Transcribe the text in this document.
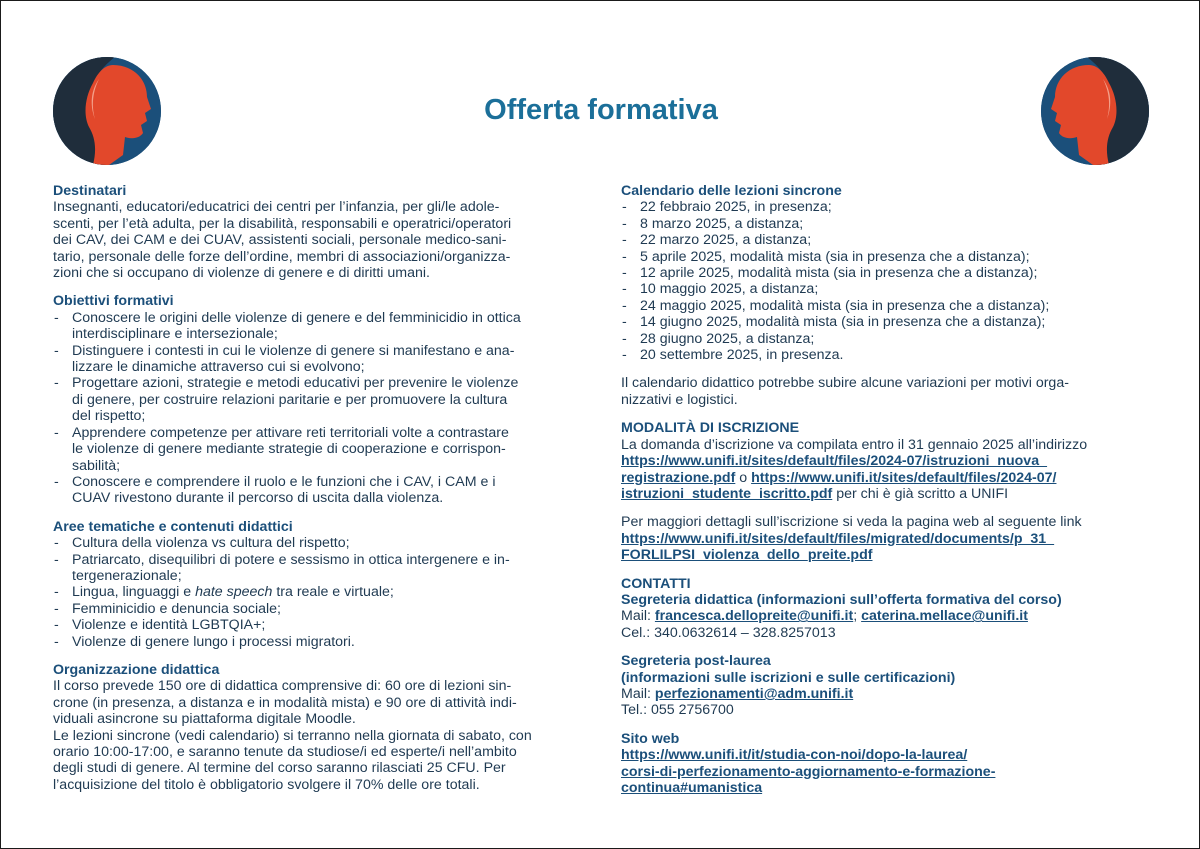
Offerta formativa
Destinatari

Insegnanti, educatori/educatrici dei centri per l’infanzia, per gli/le adole-
scenti, per l’età adulta, per la disabilità, responsabili e operatrici/operatori
dei CAV, dei CAM e dei CUAV, assistenti sociali, personale medico-sani-
tario, personale delle forze dell’ordine, membri di associazioni/organizza-
zioni che si occupano di violenze di genere e di diritti umani.

Obiettivi formativi
- Conoscere le origini delle violenze di genere e del femminicidio in ottica
interdisciplinare e intersezionale;
- Distinguere i contesti in cui le violenze di genere si manifestano e ana-
lizzare le dinamiche attraverso cui si evolvono;
- Progettare azioni, strategie e metodi educativi per prevenire le violenze
di genere, per costruire relazioni paritarie e per promuovere la cultura
del rispetto;
- Apprendere competenze per attivare reti territoriali volte a contrastare
le violenze di genere mediante strategie di cooperazione e corrispon-
sabilità;
- Conoscere e comprendere il ruolo e le funzioni che i CAV, i CAM e i
CUAV rivestono durante il percorso di uscita dalla violenza.
Aree tematiche e contenuti didattici
- Cultura della violenza vs cultura del rispetto;
- Patriarcato, disequilibri di potere e sessismo in ottica intergenere e in-
tergenerazionale;
- Lingua, linguaggi e hate speech tra reale e virtuale;
- Femminicidio e denuncia sociale;
- Violenze e identità LGBTQIA+;
- Violenze di genere lungo i processi migratori.
Organizzazione didattica

Il corso prevede 150 ore di didattica comprensive di: 60 ore di lezioni sin-
crone (in presenza, a distanza e in modalità mista) e 90 ore di attività indi-
viduali asincrone su piattaforma digitale Moodle.
Le lezioni sincrone (vedi calendario) si terranno nella giornata di sabato, con
orario 10:00-17:00, e saranno tenute da studiose/i ed esperte/i nell’ambito
degli studi di genere. Al termine del corso saranno rilasciati 25 CFU. Per
l’acquisizione del titolo è obbligatorio svolgere il 70% delle ore totali.

Calendario delle lezioni sincrone
- 22 febbraio 2025, in presenza;
- 8 marzo 2025, a distanza;
- 22 marzo 2025, a distanza;
- 5 aprile 2025, modalità mista (sia in presenza che a distanza);
- 12 aprile 2025, modalità mista (sia in presenza che a distanza);
- 10 maggio 2025, a distanza;
- 24 maggio 2025, modalità mista (sia in presenza che a distanza);
- 14 giugno 2025, modalità mista (sia in presenza che a distanza);
- 28 giugno 2025, a distanza;
- 20 settembre 2025, in presenza.

Il calendario didattico potrebbe subire alcune variazioni per motivi orga-
nizzativi e logistici.

MODALITÀ DI ISCRIZIONE

La domanda d’iscrizione va compilata entro il 31 gennaio 2025 all’indirizzo
https://www.unifi.it/sites/default/files/2024-07/istruzioni_nuova_
registrazione.pdf o https://www.unifi.it/sites/default/files/2024-07/
istruzioni_studente_iscritto.pdf per chi è già scritto a UNIFI

Per maggiori dettagli sull’iscrizione si veda la pagina web al seguente link
https://www.unifi.it/sites/default/files/migrated/documents/p_31_
FORLILPSI_violenza_dello_preite.pdf

CONTATTI
Segreteria didattica (informazioni sull’offerta formativa del corso)
Mail: francesca.dellopreite@unifi.it; caterina.mellace@unifi.it
Cel.: 340.0632614 – 328.8257013
Segreteria post-laurea
(informazioni sulle iscrizioni e sulle certificazioni)
Mail: perfezionamenti@adm.unifi.it
Tel.: 055 2756700
Sito web
https://www.unifi.it/it/studia-con-noi/dopo-la-laurea/
corsi-di-perfezionamento-aggiornamento-e-formazione-
continua#umanistica
